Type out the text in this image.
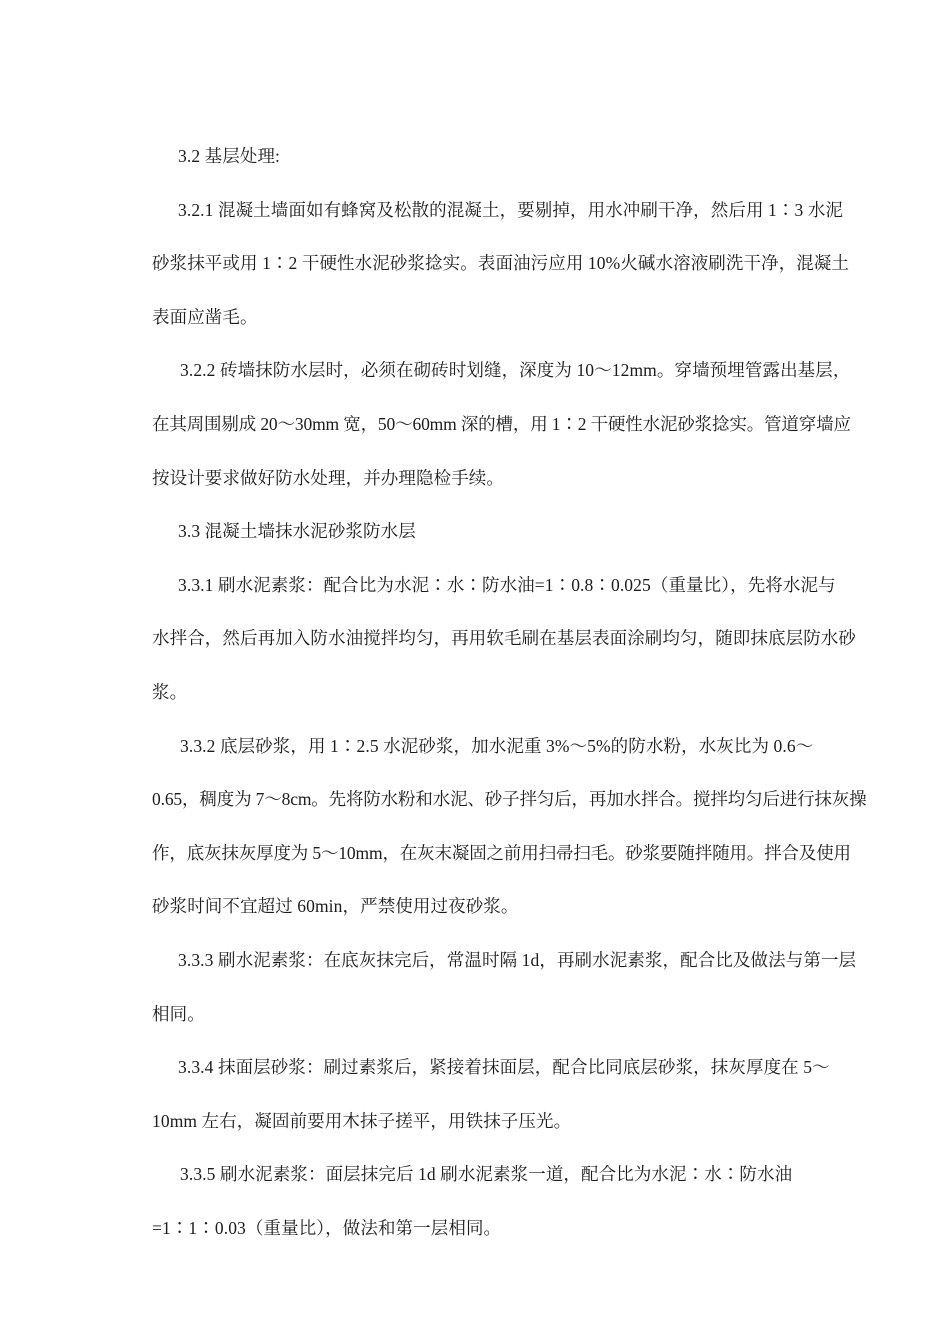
3.2 基层处理:
3.2.1 混凝土墙面如有蜂窝及松散的混凝土，要剔掉，用水冲刷干净，然后用 1∶3 水泥
砂浆抹平或用 1∶2 干硬性水泥砂浆捻实。表面油污应用 10%火碱水溶液刷洗干净，混凝土
表面应凿毛。
3.2.2 砖墙抹防水层时，必须在砌砖时划缝，深度为 10～12mm。穿墙预埋管露出基层，
在其周围剔成 20～30mm 宽，50～60mm 深的槽，用 1∶2 干硬性水泥砂浆捻实。管道穿墙应
按设计要求做好防水处理，并办理隐检手续。
3.3 混凝土墙抹水泥砂浆防水层
3.3.1 刷水泥素浆：配合比为水泥∶水∶防水油=1∶0.8∶0.025（重量比），先将水泥与
水拌合，然后再加入防水油搅拌均匀，再用软毛刷在基层表面涂刷均匀，随即抹底层防水砂
浆。
3.3.2 底层砂浆，用 1∶2.5 水泥砂浆，加水泥重 3%～5%的防水粉，水灰比为 0.6～
0.65，稠度为 7～8cm。先将防水粉和水泥、砂子拌匀后，再加水拌合。搅拌均匀后进行抹灰操
作，底灰抹灰厚度为 5～10mm，在灰末凝固之前用扫帚扫毛。砂浆要随拌随用。拌合及使用
砂浆时间不宜超过 60min，严禁使用过夜砂浆。
3.3.3 刷水泥素浆：在底灰抹完后，常温时隔 1d，再刷水泥素浆，配合比及做法与第一层
相同。
3.3.4 抹面层砂浆：刷过素浆后，紧接着抹面层，配合比同底层砂浆，抹灰厚度在 5～
10mm 左右，凝固前要用木抹子搓平，用铁抹子压光。
3.3.5 刷水泥素浆：面层抹完后 1d 刷水泥素浆一道，配合比为水泥∶水∶防水油
=1∶1∶0.03（重量比），做法和第一层相同。
